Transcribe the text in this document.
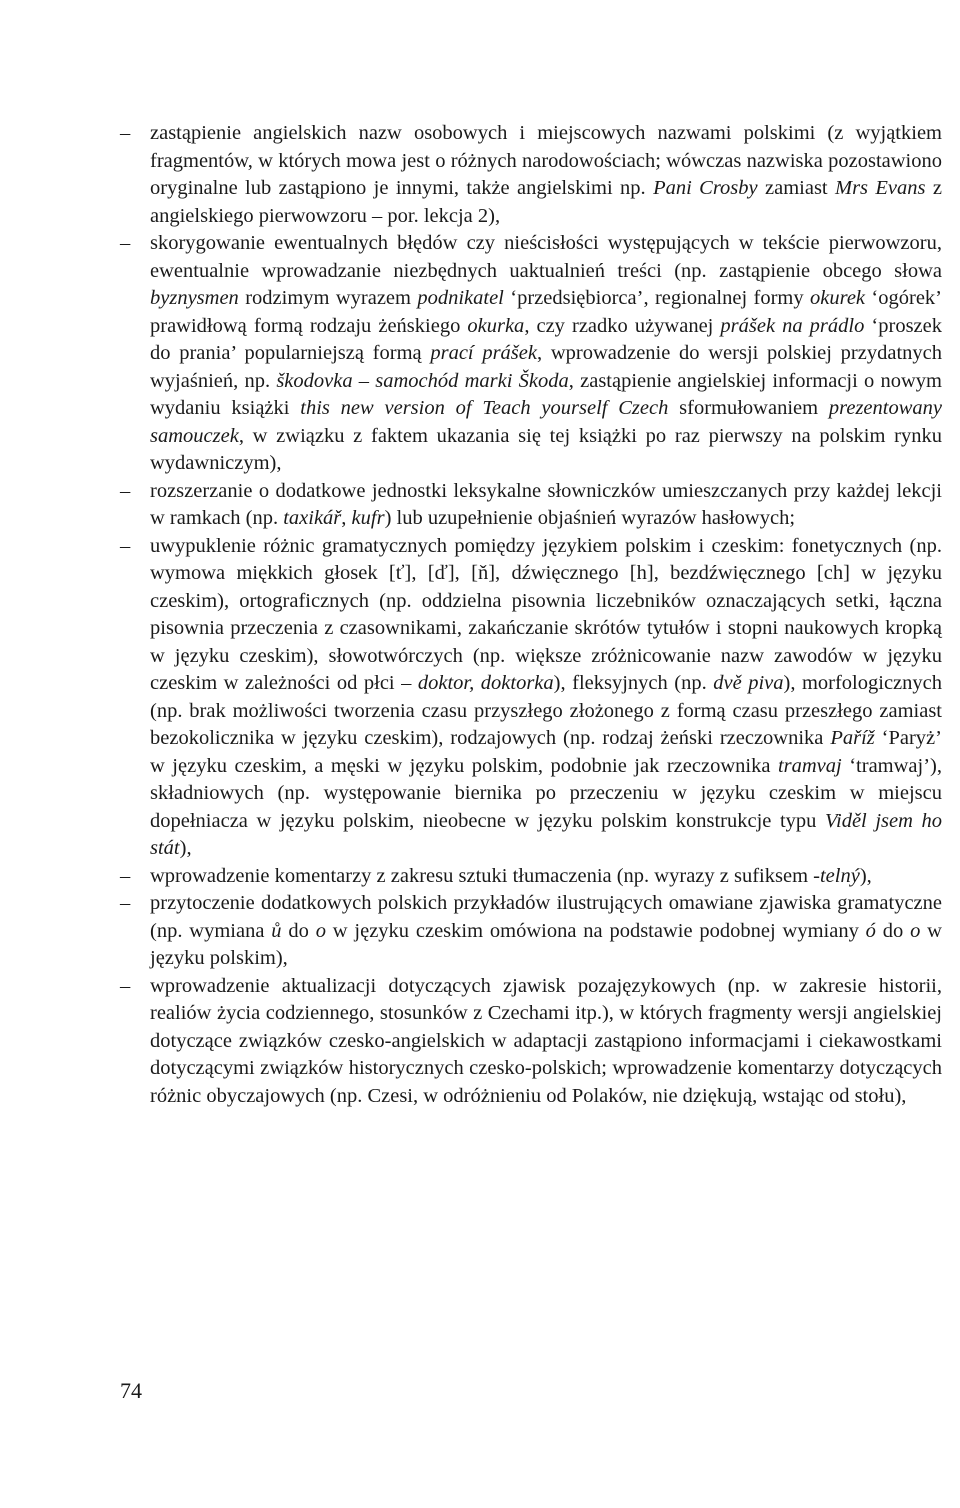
– zastąpienie angielskich nazw osobowych i miejscowych nazwami polskimi (z wyjątkiem fragmentów, w których mowa jest o różnych narodowościach; wówczas nazwiska pozostawiono oryginalne lub zastąpiono je innymi, także angielskimi np. Pani Crosby zamiast Mrs Evans z angielskiego pierwowzoru – por. lekcja 2),
– skorygowanie ewentualnych błędów czy nieścisłości występujących w tekście pierwowzoru, ewentualnie wprowadzanie niezbędnych uaktualnień treści (np. zastąpienie obcego słowa byznysmen rodzimym wyrazem podnikatel ‘przedsiębiorca’, regionalnej formy okurek ‘ogórek’ prawidłową formą rodzaju żeńskiego okurka, czy rzadko używanej prášek na prádlo ‘proszek do prania’ popularniejszą formą prací prášek, wprowadzenie do wersji polskiej przydatnych wyjaśnień, np. škodovka – samochód marki Škoda, zastąpienie angielskiej informacji o nowym wydaniu książki this new version of Teach yourself Czech sformułowaniem prezentowany samouczek, w związku z faktem ukazania się tej książki po raz pierwszy na polskim rynku wydawniczym),
– rozszerzanie o dodatkowe jednostki leksykalne słowniczków umieszczanych przy każdej lekcji w ramkach (np. taxikář, kufr) lub uzupełnienie objaśnień wyrazów hasłowych;
– uwypuklenie różnic gramatycznych pomiędzy językiem polskim i czeskim: fonetycznych (np. wymowa miękkich głosek [ť], [ď], [ň], dźwięcznego [h], bezdźwięcznego [ch] w języku czeskim), ortograficznych (np. oddzielna pisownia liczebników oznaczających setki, łączna pisownia przeczenia z czasownikami, zakańczanie skrótów tytułów i stopni naukowych kropką w języku czeskim), słowotwórczych (np. większe zróżnicowanie nazw zawodów w języku czeskim w zależności od płci – doktor, doktorka), fleksyjnych (np. dvě piva), morfologicznych (np. brak możliwości tworzenia czasu przyszłego złożonego z formą czasu przeszłego zamiast bezokolicznika w języku czeskim), rodzajowych (np. rodzaj żeński rzeczownika Paříž ‘Paryż’ w języku czeskim, a męski w języku polskim, podobnie jak rzeczownika tramvaj ‘tramwaj’), składniowych (np. występowanie biernika po przeczeniu w języku czeskim w miejscu dopełniacza w języku polskim, nieobecne w języku polskim konstrukcje typu Viděl jsem ho stát),
– wprowadzenie komentarzy z zakresu sztuki tłumaczenia (np. wyrazy z sufiksem -telný),
– przytoczenie dodatkowych polskich przykładów ilustrujących omawiane zjawiska gramatyczne (np. wymiana ů do o w języku czeskim omówiona na podstawie podobnej wymiany ó do o w języku polskim),
– wprowadzenie aktualizacji dotyczących zjawisk pozajęzykowych (np. w zakresie historii, realiów życia codziennego, stosunków z Czechami itp.), w których fragmenty wersji angielskiej dotyczące związków czesko-angielskich w adaptacji zastąpiono informacjami i ciekawostkami dotyczącymi związków historycznych czesko-polskich; wprowadzenie komentarzy dotyczących różnic obyczajowych (np. Czesi, w odróżnieniu od Polaków, nie dziękują, wstając od stołu),
74
